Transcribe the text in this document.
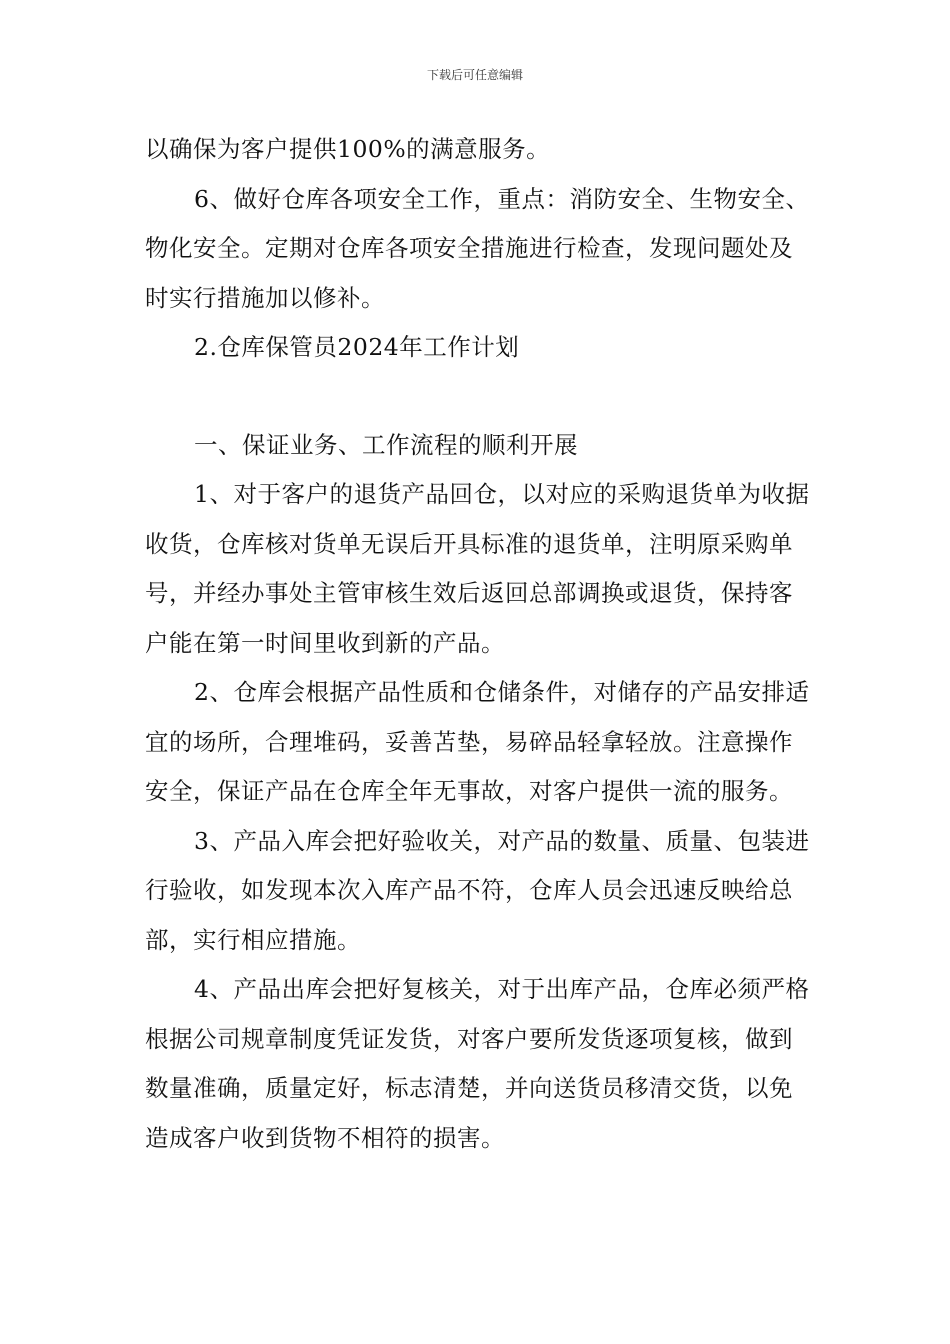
下载后可任意编辑

以确保为客户提供100%的满意服务。

6、做好仓库各项安全工作，重点：消防安全、生物安全、物化安全。定期对仓库各项安全措施进行检查，发现问题处及时实行措施加以修补。

2.仓库保管员2024年工作计划

一、保证业务、工作流程的顺利开展

1、对于客户的退货产品回仓，以对应的采购退货单为收据收货，仓库核对货单无误后开具标准的退货单，注明原采购单号，并经办事处主管审核生效后返回总部调换或退货，保持客户能在第一时间里收到新的产品。

2、仓库会根据产品性质和仓储条件，对储存的产品安排适宜的场所，合理堆码，妥善苫垫，易碎品轻拿轻放。注意操作安全，保证产品在仓库全年无事故，对客户提供一流的服务。

3、产品入库会把好验收关，对产品的数量、质量、包装进行验收，如发现本次入库产品不符，仓库人员会迅速反映给总部，实行相应措施。

4、产品出库会把好复核关，对于出库产品，仓库必须严格根据公司规章制度凭证发货，对客户要所发货逐项复核，做到数量准确，质量定好，标志清楚，并向送货员移清交货，以免造成客户收到货物不相符的损害。
